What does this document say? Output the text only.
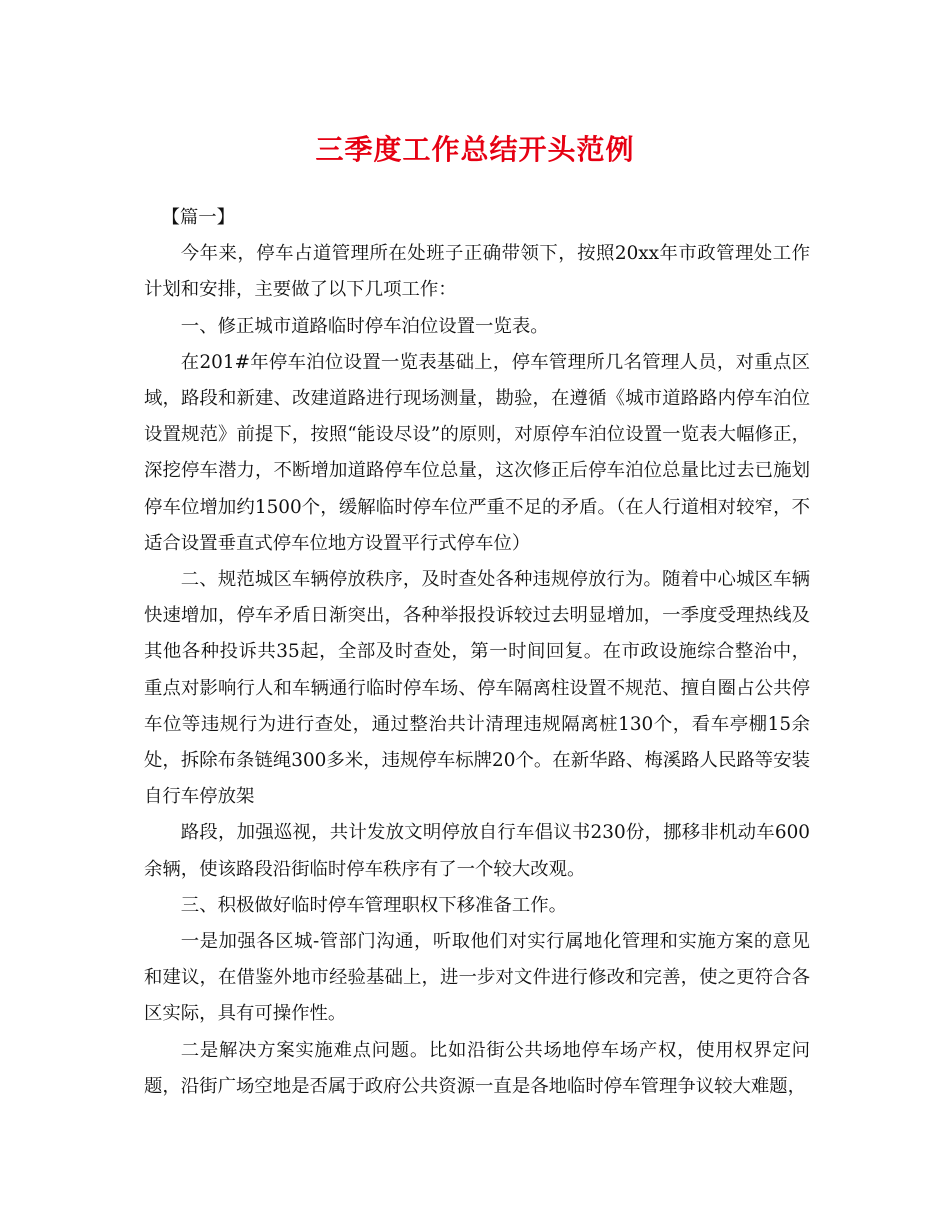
三季度工作总结开头范例

【篇一】

今年来，停车占道管理所在处班子正确带领下，按照20xx年市政管理处工作计划和安排，主要做了以下几项工作：

一、修正城市道路临时停车泊位设置一览表。

在201#年停车泊位设置一览表基础上，停车管理所几名管理人员，对重点区域，路段和新建、改建道路进行现场测量，勘验，在遵循《城市道路路内停车泊位设置规范》前提下，按照“能设尽设”的原则，对原停车泊位设置一览表大幅修正，深挖停车潜力，不断增加道路停车位总量，这次修正后停车泊位总量比过去已施划停车位增加约1500个，缓解临时停车位严重不足的矛盾。（在人行道相对较窄，不适合设置垂直式停车位地方设置平行式停车位）

二、规范城区车辆停放秩序，及时查处各种违规停放行为。随着中心城区车辆快速增加，停车矛盾日渐突出，各种举报投诉较过去明显增加，一季度受理热线及其他各种投诉共35起，全部及时查处，第一时间回复。在市政设施综合整治中，重点对影响行人和车辆通行临时停车场、停车隔离柱设置不规范、擅自圈占公共停车位等违规行为进行查处，通过整治共计清理违规隔离桩130个，看车亭棚15余处，拆除布条链绳300多米，违规停车标牌20个。在新华路、梅溪路人民路等安装自行车停放架

路段，加强巡视，共计发放文明停放自行车倡议书230份，挪移非机动车600余辆，使该路段沿街临时停车秩序有了一个较大改观。

三、积极做好临时停车管理职权下移准备工作。

一是加强各区城-管部门沟通，听取他们对实行属地化管理和实施方案的意见和建议，在借鉴外地市经验基础上，进一步对文件进行修改和完善，使之更符合各区实际，具有可操作性。

二是解决方案实施难点问题。比如沿街公共场地停车场产权，使用权界定问题，沿街广场空地是否属于政府公共资源一直是各地临时停车管理争议较大难题，
